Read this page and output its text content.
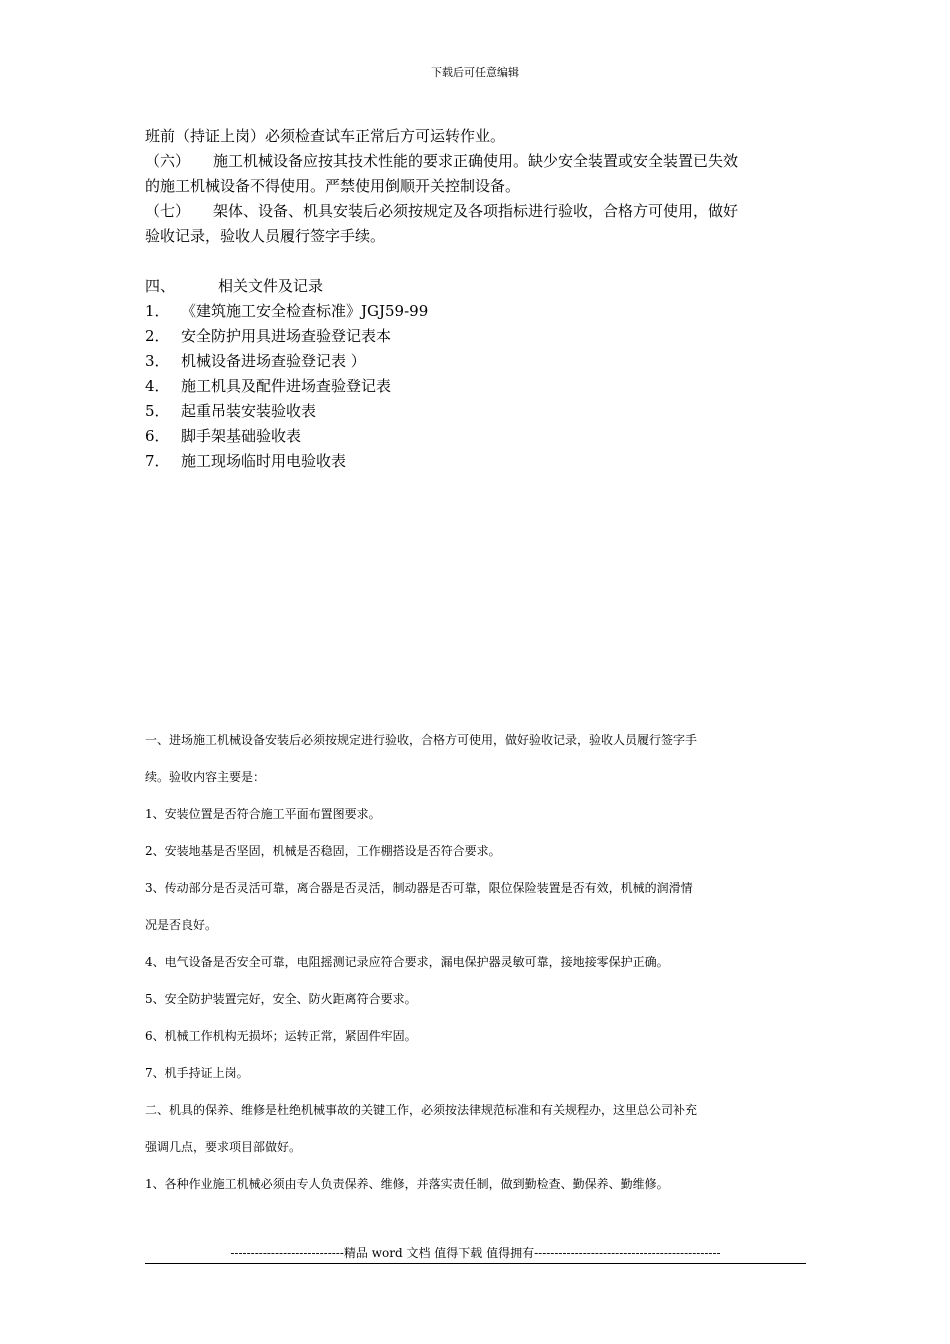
下载后可任意编辑

班前（持证上岗）必须检查试车正常后方可运转作业。

（六） 施工机械设备应按其技术性能的要求正确使用。缺少安全装置或安全装置已失效

的施工机械设备不得使用。严禁使用倒顺开关控制设备。

（七） 架体、设备、机具安装后必须按规定及各项指标进行验收，合格方可使用，做好

验收记录，验收人员履行签字手续。

四、	相关文件及记录

1． 《建筑施工安全检查标准》JGJ59-99

2． 安全防护用具进场查验登记表本

3． 机械设备进场查验登记表 ）

4． 施工机具及配件进场查验登记表

5． 起重吊装安装验收表

6． 脚手架基础验收表

7． 施工现场临时用电验收表

一、进场施工机械设备安装后必须按规定进行验收，合格方可使用，做好验收记录，验收人员履行签字手

续。验收内容主要是：

1、安装位置是否符合施工平面布置图要求。

2、安装地基是否坚固，机械是否稳固，工作棚搭设是否符合要求。

3、传动部分是否灵活可靠，离合器是否灵活，制动器是否可靠，限位保险装置是否有效，机械的润滑情

况是否良好。

4、电气设备是否安全可靠，电阻摇测记录应符合要求，漏电保护器灵敏可靠，接地接零保护正确。

5、安全防护装置完好，安全、防火距离符合要求。

6、机械工作机构无损坏；运转正常，紧固件牢固。

7、机手持证上岗。

二、机具的保养、维修是杜绝机械事故的关键工作，必须按法律规范标准和有关规程办，这里总公司补充

强调几点，要求项目部做好。

1、各种作业施工机械必须由专人负责保养、维修，并落实责任制，做到勤检查、勤保养、勤维修。

----------------------------精品 word 文档 值得下载 值得拥有----------------------------------------------
